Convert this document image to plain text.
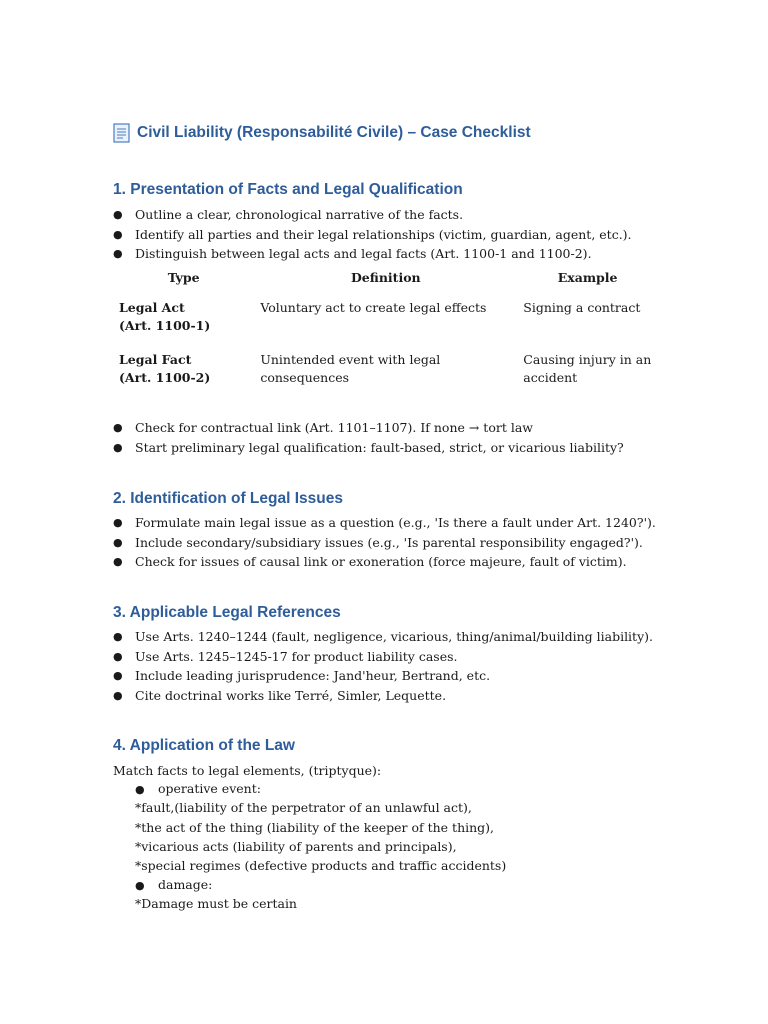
Civil Liability (Responsabilité Civile) – Case Checklist
1. Presentation of Facts and Legal Qualification
● Outline a clear, chronological narrative of the facts.
● Identify all parties and their legal relationships (victim, guardian, agent, etc.).
● Distinguish between legal acts and legal facts (Art. 1100-1 and 1100-2).
Type	Definition	Example
Legal Act
(Art. 1100-1)	Voluntary act to create legal effects	Signing a contract
Legal Fact
(Art. 1100-2)	Unintended event with legal consequences	Causing injury in an
accident
● Check for contractual link (Art. 1101–1107). If none → tort law
● Start preliminary legal qualification: fault-based, strict, or vicarious liability?
2. Identification of Legal Issues
● Formulate main legal issue as a question (e.g., 'Is there a fault under Art. 1240?').
● Include secondary/subsidiary issues (e.g., 'Is parental responsibility engaged?').
● Check for issues of causal link or exoneration (force majeure, fault of victim).
3. Applicable Legal References
● Use Arts. 1240–1244 (fault, negligence, vicarious, thing/animal/building liability).
● Use Arts. 1245–1245-17 for product liability cases.
● Include leading jurisprudence: Jand'heur, Bertrand, etc.
● Cite doctrinal works like Terré, Simler, Lequette.
4. Application of the Law
Match facts to legal elements, (triptyque):
● operative event:
*fault,(liability of the perpetrator of an unlawful act),
*the act of the thing (liability of the keeper of the thing),
*vicarious acts (liability of parents and principals),
*special regimes (defective products and traffic accidents)
● damage:
*Damage must be certain
